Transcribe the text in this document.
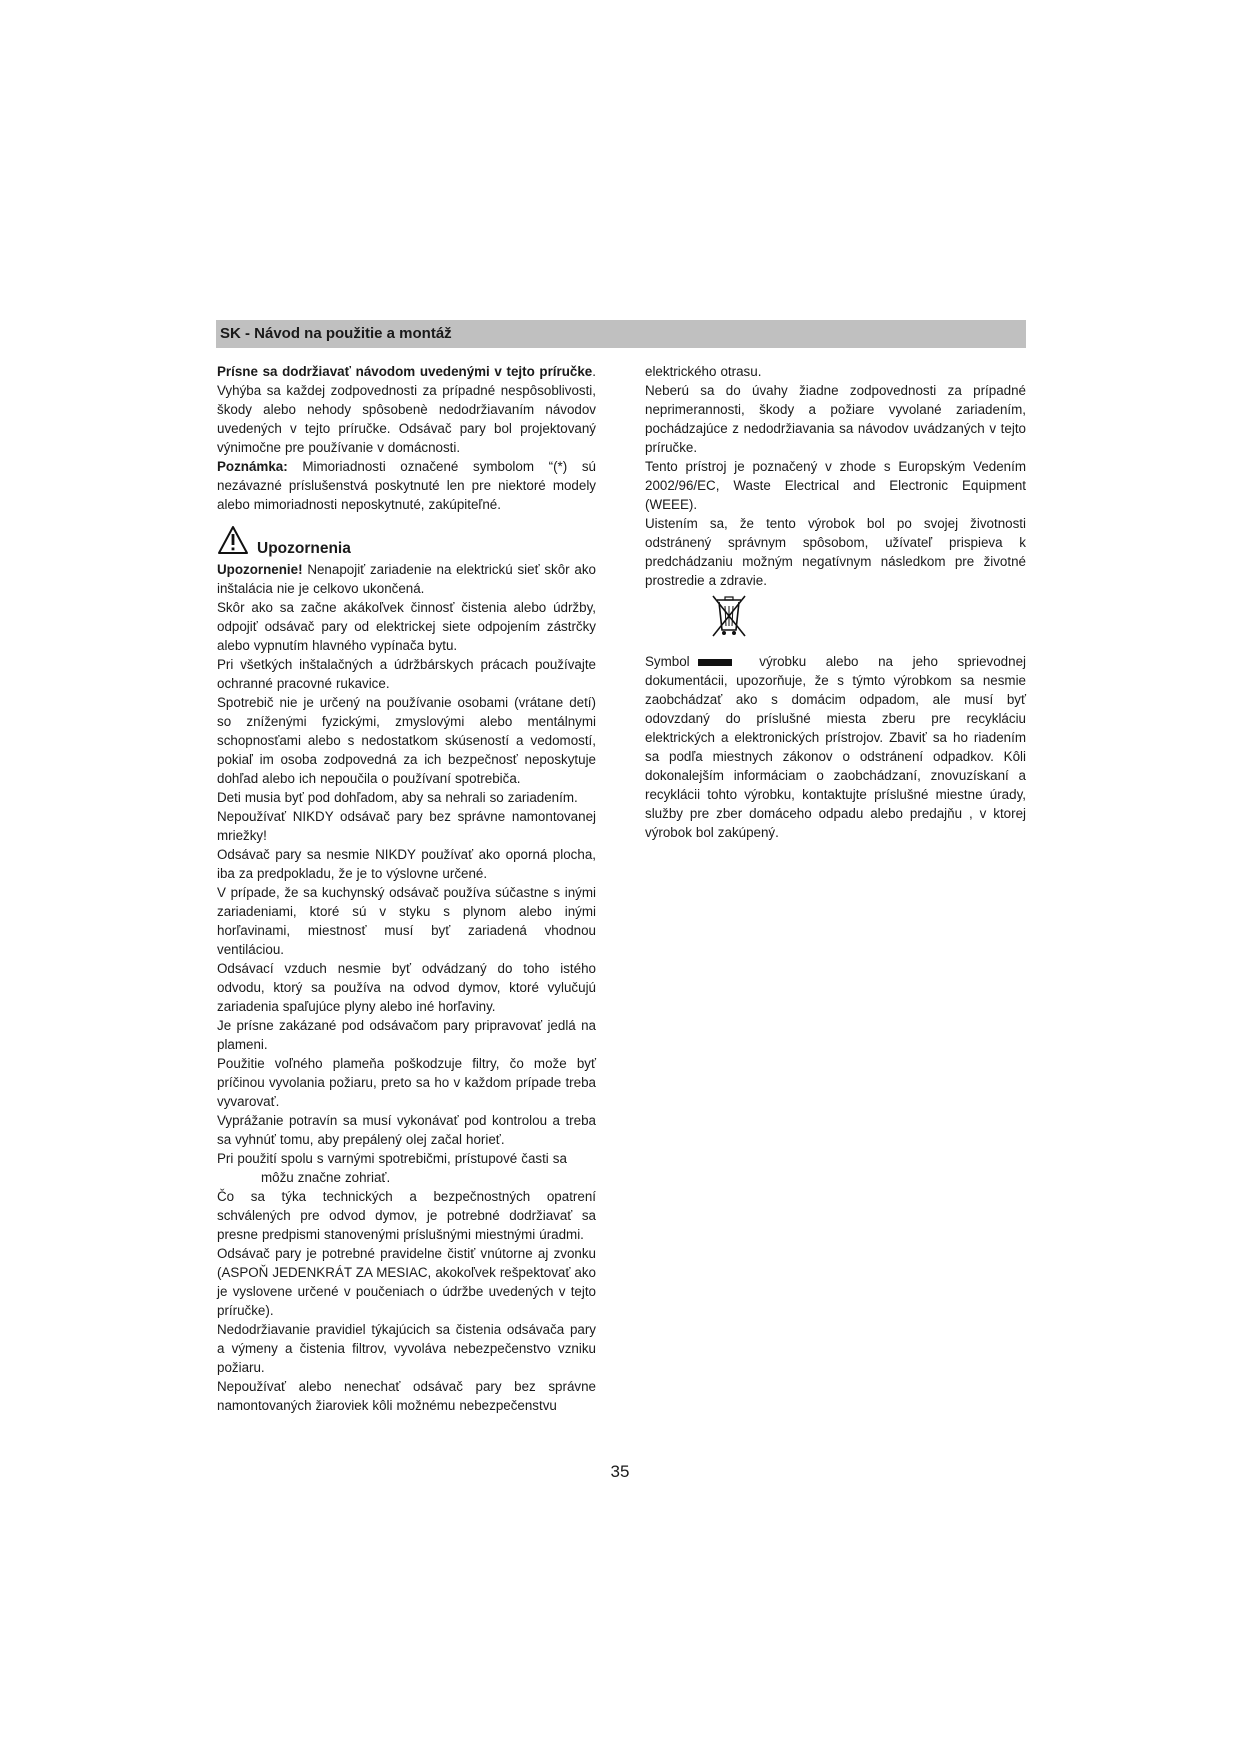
SK - Návod na použitie a montáž

Prísne sa dodržiavať návodom uvedenými v tejto príručke. Vyhýba sa každej zodpovednosti za prípadné nespôsoblivosti, škody alebo nehody spôsobenè nedodržiavaním návodov uvedených v tejto príručke. Odsávač pary bol projektovaný výnimočne pre používanie v domácnosti.

Poznámka: Mimoriadnosti označené symbolom “(*) sú nezávazné príslušenstvá poskytnuté len pre niektoré modely alebo mimoriadnosti neposkytnuté, zakúpiteľné.

Upozornenia

Upozornenie! Nenapojiť zariadenie na elektrickú sieť skôr ako inštalácia nie je celkovo ukončená.

Skôr ako sa začne akákoľvek činnosť čistenia alebo údržby, odpojiť odsávač pary od elektrickej siete odpojením zástrčky alebo vypnutím hlavného vypínača bytu.

Pri všetkých inštalačných a údržbárskych prácach používajte ochranné pracovné rukavice.

Spotrebič nie je určený na používanie osobami (vrátane detí) so zníženými fyzickými, zmyslovými alebo mentálnymi schopnosťami alebo s nedostatkom skúseností a vedomostí, pokiaľ im osoba zodpovedná za ich bezpečnosť neposkytuje dohľad alebo ich nepoučila o používaní spotrebiča.

Deti musia byť pod dohľadom, aby sa nehrali so zariadením.

Nepoužívať NIKDY odsávač pary bez správne namontovanej mriežky!

Odsávač pary sa nesmie NIKDY používať ako oporná plocha, iba za predpokladu, že je to výslovne určené.

V prípade, že sa kuchynský odsávač používa súčastne s inými zariadeniami, ktoré sú v styku s plynom alebo inými horľavinami, miestnosť musí byť zariadená vhodnou ventiláciou.

Odsávací vzduch nesmie byť odvádzaný do toho istého odvodu, ktorý sa používa na odvod dymov, ktoré vylučujú zariadenia spaľujúce plyny alebo iné horľaviny.

Je prísne zakázané pod odsávačom pary pripravovať jedlá na plameni.

Použitie voľného plameňa poškodzuje filtry, čo može byť príčinou vyvolania požiaru, preto sa ho v každom prípade treba vyvarovať.

Vyprážanie potravín sa musí vykonávať pod kontrolou a treba sa vyhnúť tomu, aby prepálený olej začal horieť.

Pri použití spolu s varnými spotrebičmi, prístupové časti sa

môžu značne zohriať.

Čo sa týka technických a bezpečnostných opatrení schválených pre odvod dymov, je potrebné dodržiavať sa presne predpismi stanovenými príslušnými miestnými úradmi.

Odsávač pary je potrebné pravidelne čistiť vnútorne aj zvonku (ASPOŇ JEDENKRÁT ZA MESIAC, akokoľvek rešpektovať ako je vyslovene určené v poučeniach o údržbe uvedených v tejto príručke).

Nedodržiavanie pravidiel týkajúcich sa čistenia odsávača pary a výmeny a čistenia filtrov, vyvoláva nebezpečenstvo vzniku požiaru.

Nepoužívať alebo nenechať odsávač pary bez správne namontovaných žiaroviek kôli možnému nebezpečenstvu

elektrického otrasu.

Neberú sa do úvahy žiadne zodpovednosti za prípadné neprimerannosti, škody a požiare vyvolané zariadením, pochádzajúce z nedodržiavania sa návodov uvádzaných v tejto príručke.

Tento prístroj je poznačený v zhode s Europským Vedením 2002/96/EC, Waste Electrical and Electronic Equipment (WEEE).

Uistením sa, že tento výrobok bol po svojej životnosti odstránený správnym spôsobom, užívateľ prispieva k predchádzaniu možným negatívnym následkom pre životné prostredie a zdravie.

Symbol	výrobku alebo na jeho sprievodnej dokumentácii, upozorňuje, že s týmto výrobkom sa nesmie zaobchádzať ako s domácim odpadom, ale musí byť odovzdaný do príslušné miesta zberu pre recykláciu elektrických a elektronických prístrojov. Zbaviť sa ho riadením sa podľa miestnych zákonov o odstránení odpadkov. Kôli dokonalejším informáciam o zaobchádzaní, znovuzískaní a recyklácii tohto výrobku, kontaktujte príslušné miestne úrady, služby pre zber domáceho odpadu alebo predajňu , v ktorej výrobok bol zakúpený.

35
